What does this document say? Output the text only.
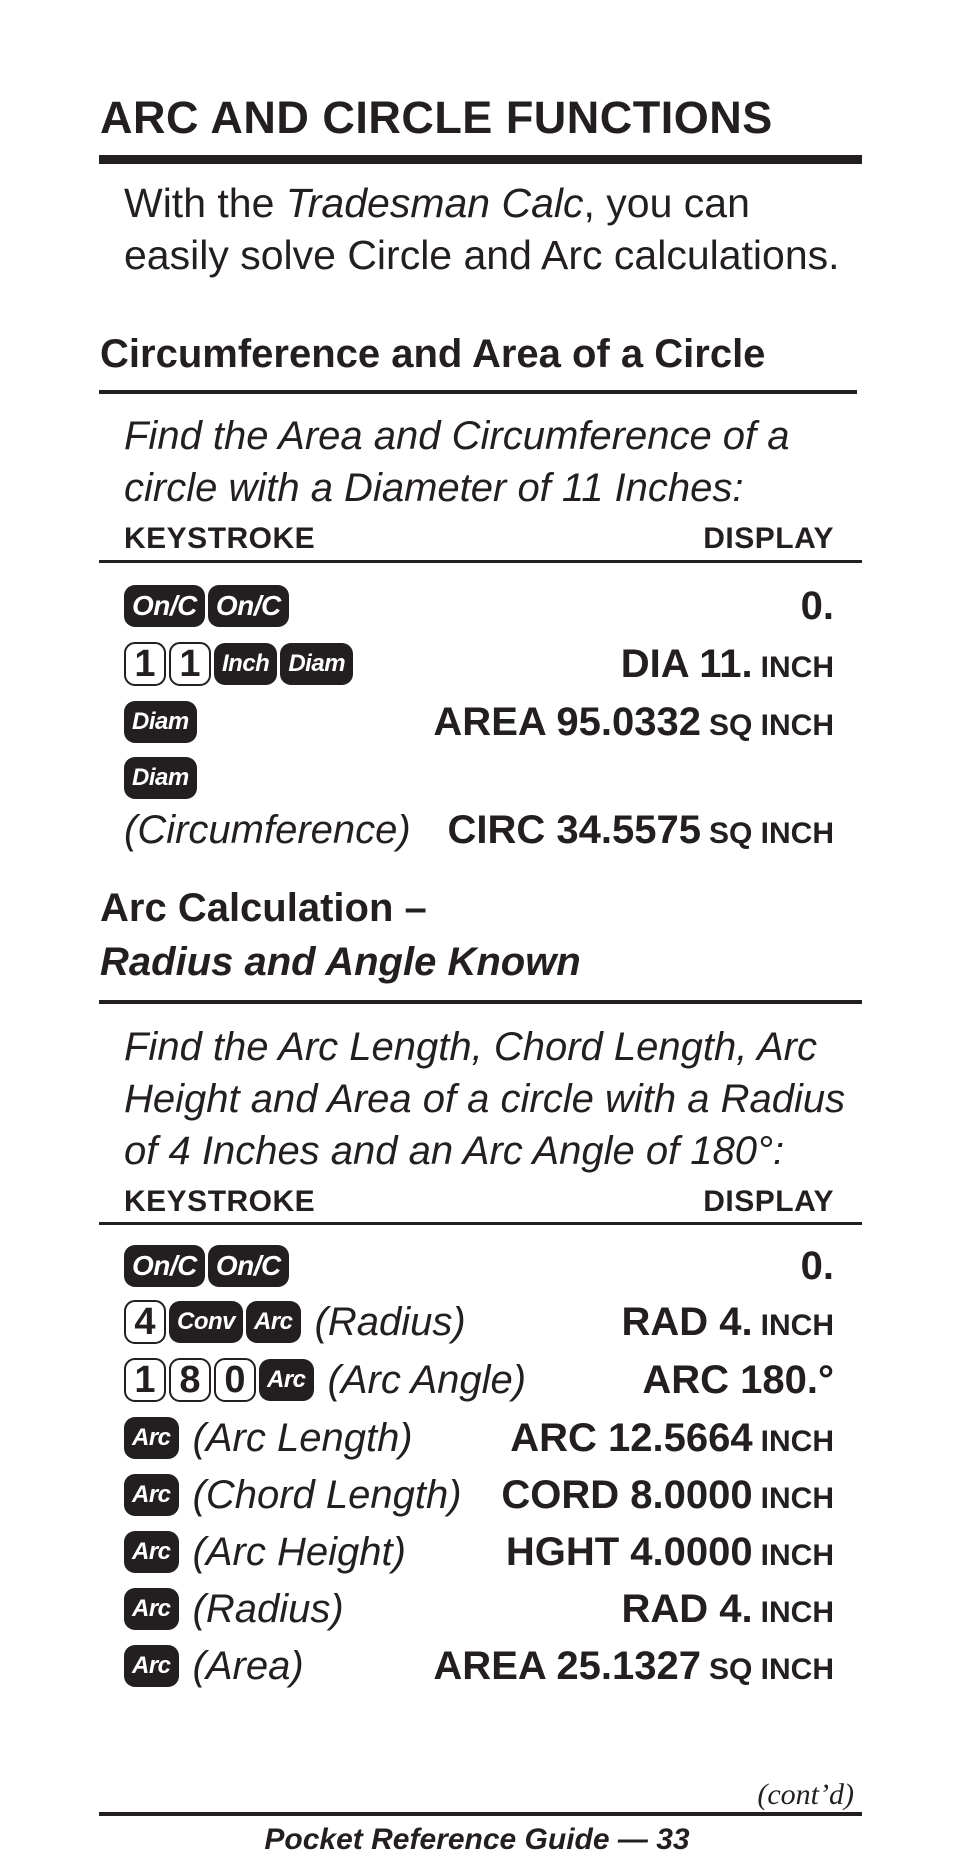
ARC AND CIRCLE FUNCTIONS
With the Tradesman Calc, you can
easily solve Circle and Arc calculations.
Circumference and Area of a Circle
Find the Area and Circumference of a
circle with a Diameter of 11 Inches:
KEYSTROKE	DISPLAY
On/C On/C	0.
1 1 Inch Diam	DIA 11. INCH
Diam	AREA 95.0332 SQ INCH
Diam
(Circumference) CIRC 34.5575 SQ INCH
Arc Calculation –
Radius and Angle Known
Find the Arc Length, Chord Length, Arc
Height and Area of a circle with a Radius
of 4 Inches and an Arc Angle of 180°:
KEYSTROKE	DISPLAY
On/C On/C	0.
4 Conv Arc (Radius)	RAD 4. INCH
1 8 0 Arc (Arc Angle)	ARC 180.°
Arc (Arc Length) ARC 12.5664 INCH
Arc (Chord Length) CORD 8.0000 INCH
Arc (Arc Height) HGHT 4.0000 INCH
Arc (Radius)	RAD 4. INCH
Arc (Area)	AREA 25.1327 SQ INCH
(cont’d)
Pocket Reference Guide — 33
